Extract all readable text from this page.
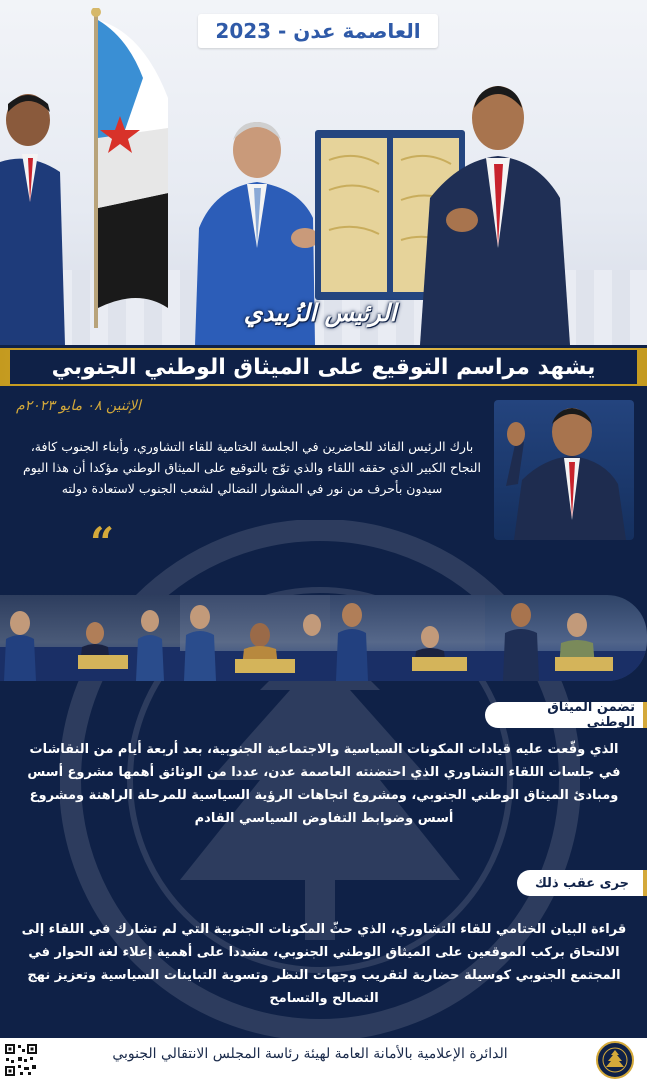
العاصمة عدن - 2023
الرئيس الزُبيدي
يشهد مراسم التوقيع على الميثاق الوطني الجنوبي
الإثنين ٠٨ مايو ٢٠٢٣م
بارك الرئيس القائد للحاضرين في الجلسة الختامية للقاء التشاوري، وأبناء الجنوب كافة، النجاح الكبير الذي حققه اللقاء والذي توّج بالتوقيع على الميثاق الوطني مؤكدا أن هذا اليوم سيدون بأحرف من نور في المشوار النضالي لشعب الجنوب لاستعادة دولته
“
تضمن الميثاق الوطني
الذي وقّعت عليه قيادات المكونات السياسية والاجتماعية الجنوبية، بعد أربعة أيام من النقاشات في جلسات اللقاء التشاوري الذي احتضنته العاصمة عدن، عددا من الوثائق أهمها مشروع أسس ومبادئ الميثاق الوطني الجنوبي، ومشروع اتجاهات الرؤية السياسية للمرحلة الراهنة ومشروع أسس وضوابط التفاوض السياسي القادم
جرى عقب ذلك
قراءة البيان الختامي للقاء التشاوري، الذي حثّ المكونات الجنوبية التي لم تشارك في اللقاء إلى الالتحاق بركب الموقعين على الميثاق الوطني الجنوبي، مشددا على أهمية إعلاء لغة الحوار في المجتمع الجنوبي كوسيلة حضارية لتقريب وجهات النظر وتسوية التباينات السياسية وتعزيز نهج التصالح والتسامح
الدائرة الإعلامية بالأمانة العامة لهيئة رئاسة المجلس الانتقالي الجنوبي
